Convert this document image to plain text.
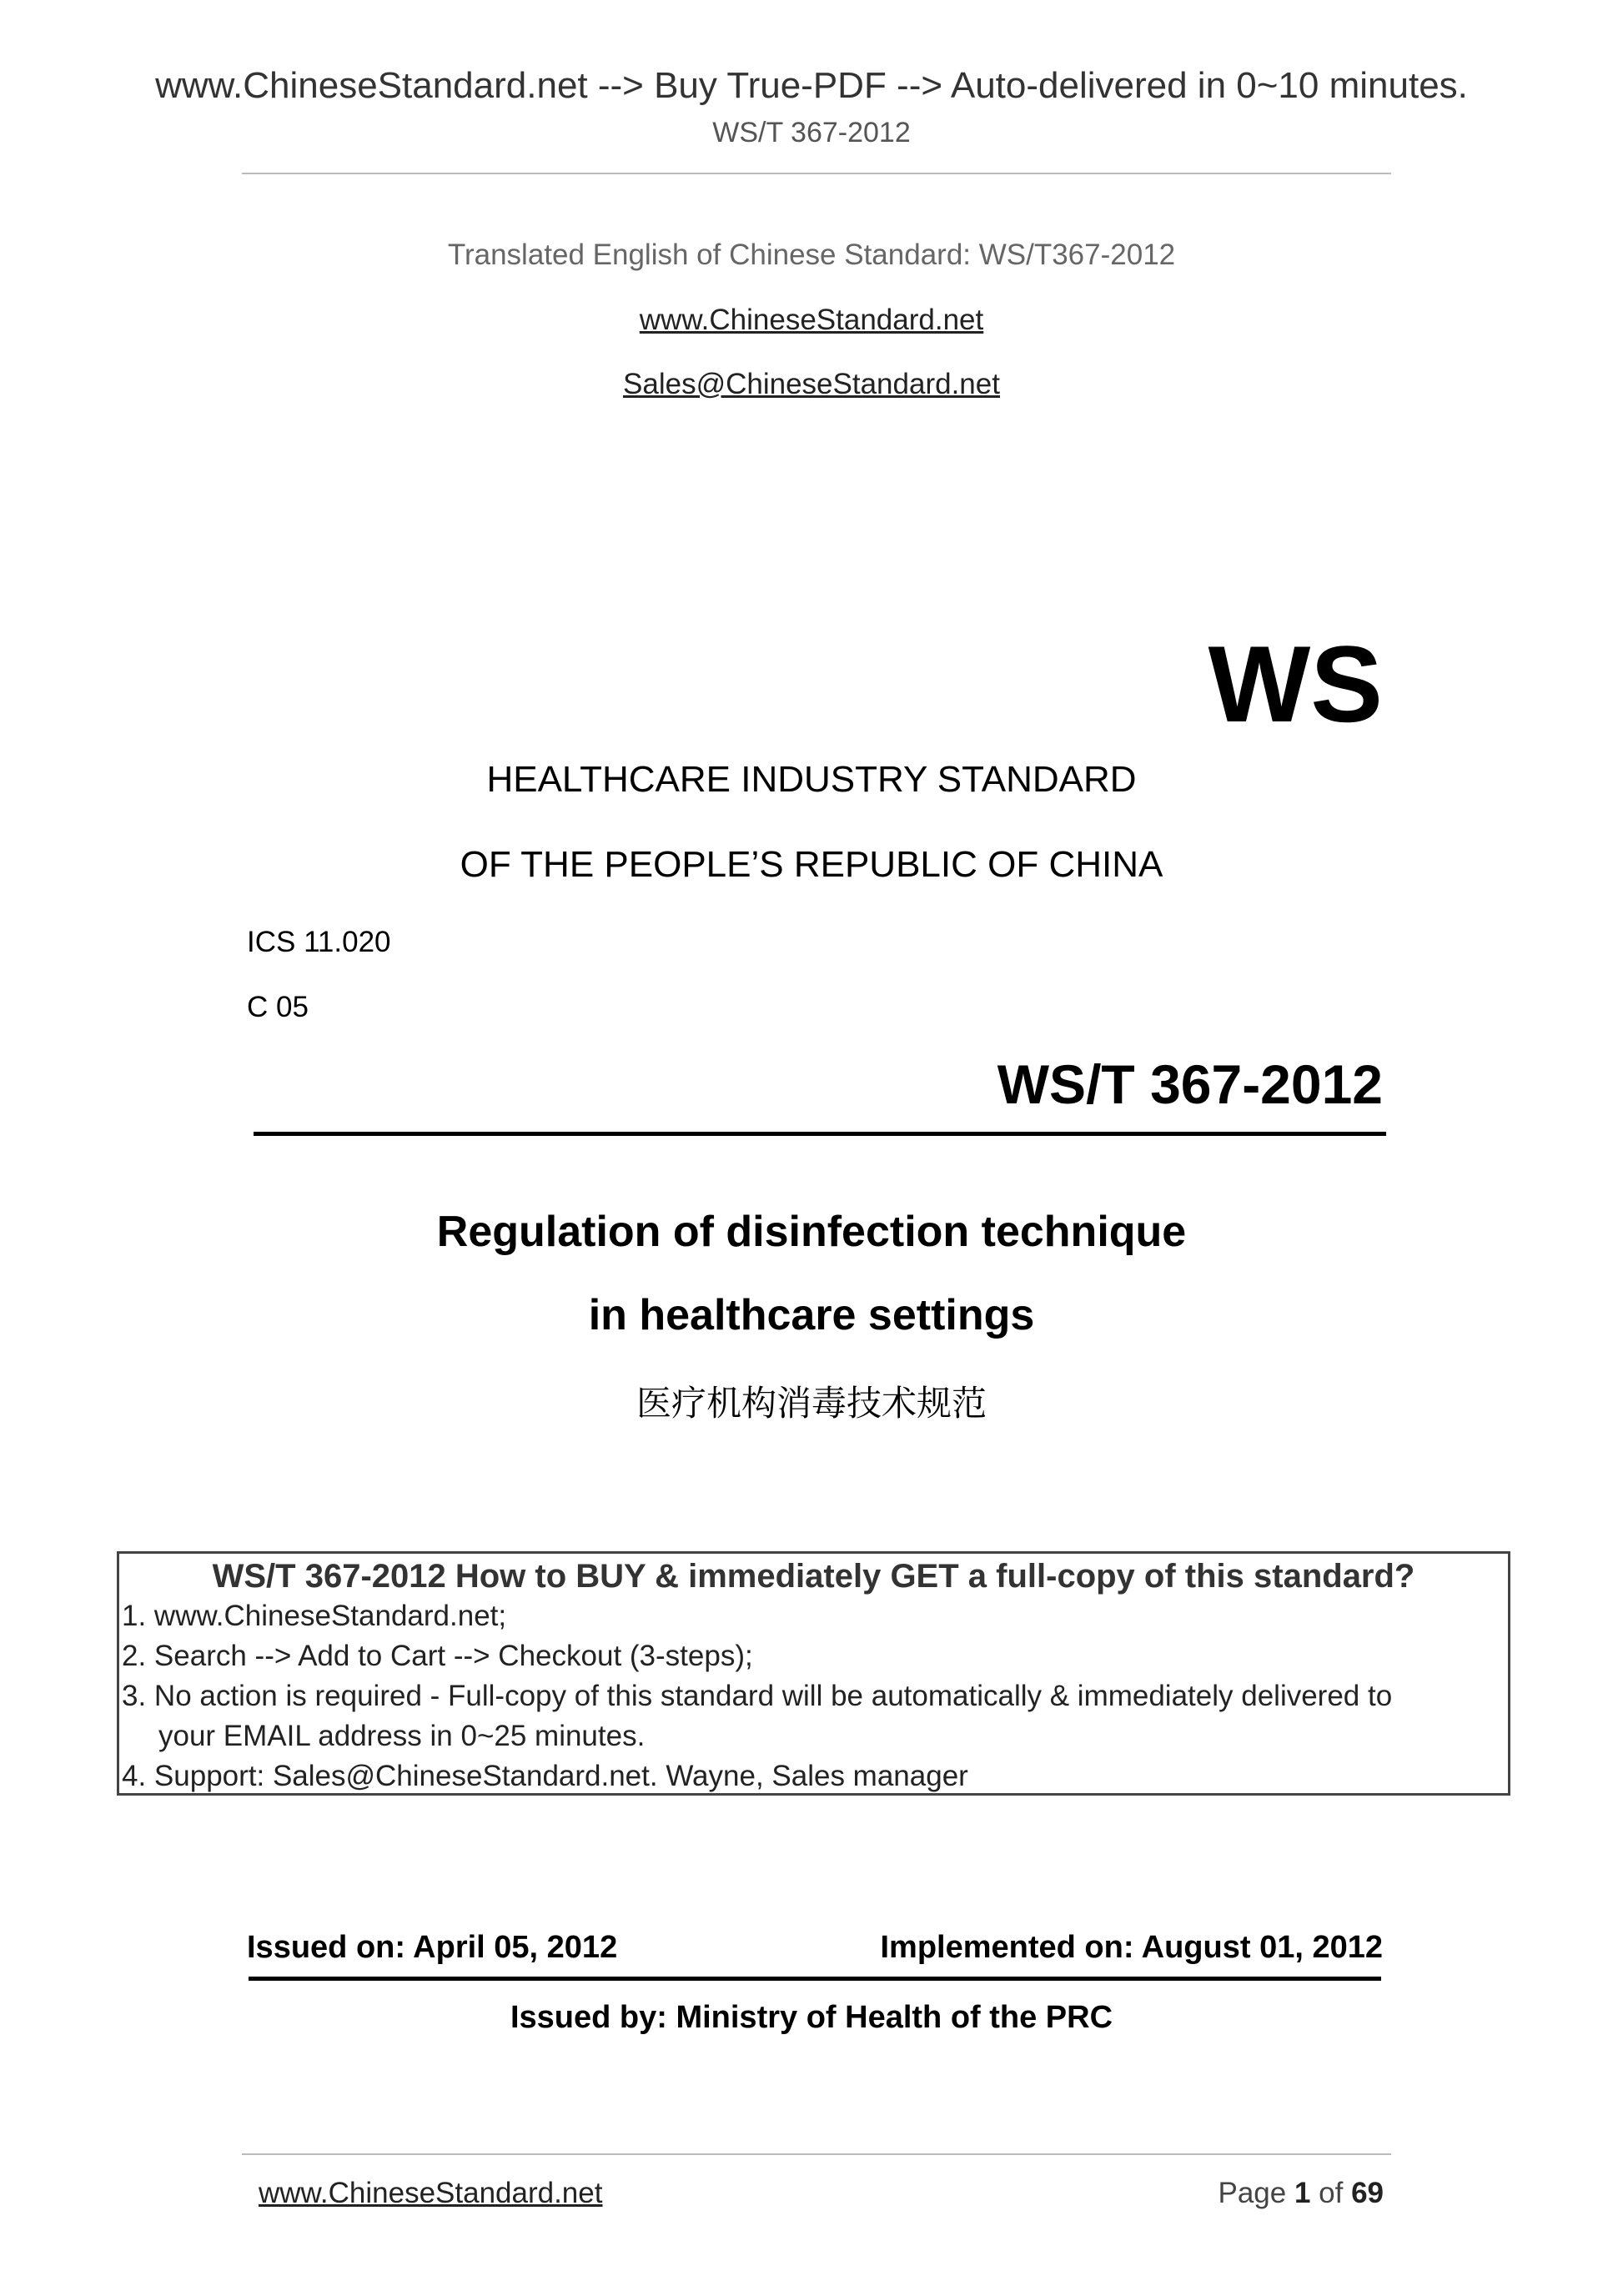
www.ChineseStandard.net --> Buy True-PDF --> Auto-delivered in 0~10 minutes.
WS/T 367-2012
Translated English of Chinese Standard: WS/T367-2012
www.ChineseStandard.net
Sales@ChineseStandard.net
WS
HEALTHCARE INDUSTRY STANDARD
OF THE PEOPLE’S REPUBLIC OF CHINA
ICS 11.020
C 05
WS/T 367-2012
Regulation of disinfection technique
in healthcare settings
医疗机构消毒技术规范
WS/T 367-2012 How to BUY & immediately GET a full-copy of this standard?
1. www.ChineseStandard.net;
2. Search --> Add to Cart --> Checkout (3-steps);
3. No action is required - Full-copy of this standard will be automatically & immediately delivered to
your EMAIL address in 0~25 minutes.
4. Support: Sales@ChineseStandard.net. Wayne, Sales manager
Issued on: April 05, 2012	Implemented on: August 01, 2012
Issued by: Ministry of Health of the PRC
www.ChineseStandard.net	Page 1 of 69
